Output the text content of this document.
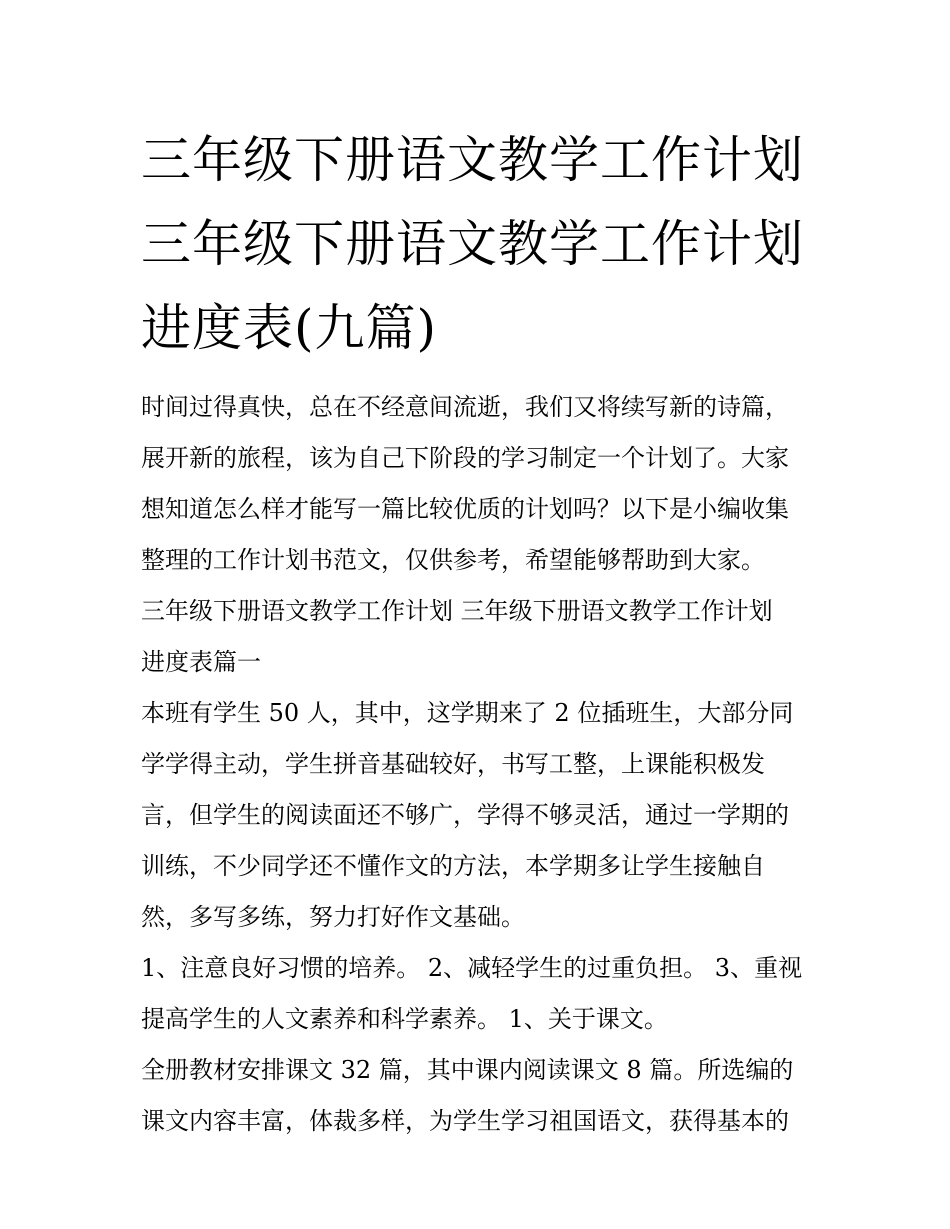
三年级下册语文教学工作计划
三年级下册语文教学工作计划
进度表(九篇)

时间过得真快，总在不经意间流逝，我们又将续写新的诗篇，
展开新的旅程，该为自己下阶段的学习制定一个计划了。大家
想知道怎么样才能写一篇比较优质的计划吗？以下是小编收集
整理的工作计划书范文，仅供参考，希望能够帮助到大家。

三年级下册语文教学工作计划 三年级下册语文教学工作计划
进度表篇一

本班有学生 50 人，其中，这学期来了 2 位插班生，大部分同
学学得主动，学生拼音基础较好，书写工整，上课能积极发
言，但学生的阅读面还不够广，学得不够灵活，通过一学期的
训练，不少同学还不懂作文的方法，本学期多让学生接触自
然，多写多练，努力打好作文基础。

1、注意良好习惯的培养。 2、减轻学生的过重负担。 3、重视
提高学生的人文素养和科学素养。 1、关于课文。

全册教材安排课文 32 篇，其中课内阅读课文 8 篇。所选编的
课文内容丰富，体裁多样，为学生学习祖国语文，获得基本的
